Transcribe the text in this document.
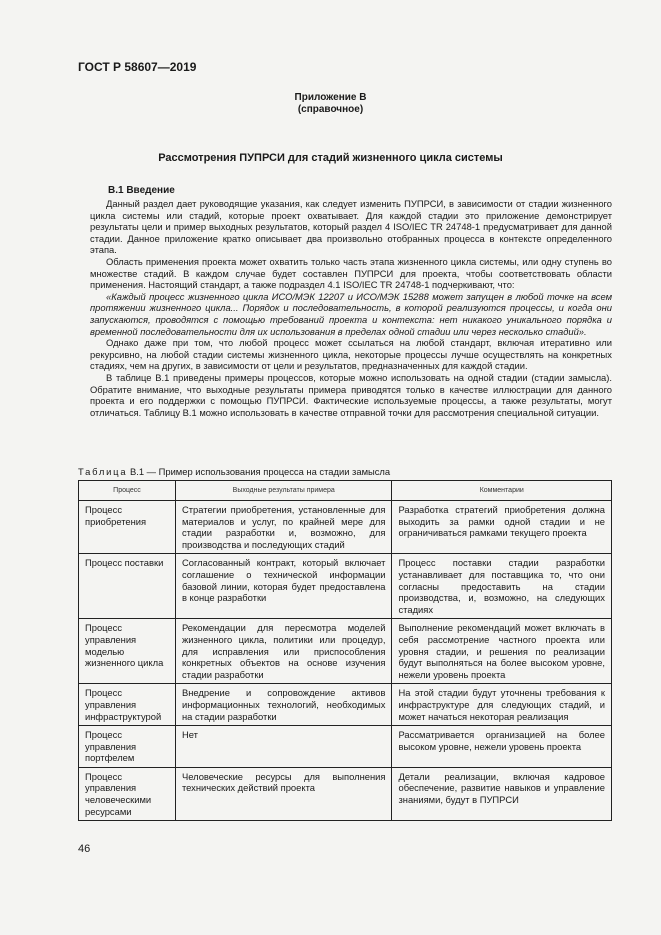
ГОСТ Р 58607—2019
Приложение В
(справочное)
Рассмотрения ПУПРСИ для стадий жизненного цикла системы
В.1 Введение

Данный раздел дает руководящие указания, как следует изменить ПУПРСИ, в зависимости от стадии жизненного цикла системы или стадий, которые проект охватывает. Для каждой стадии это приложение демонстрирует результаты цели и пример выходных результатов, который раздел 4 ISO/IEC TR 24748-1 предусматривает для данной стадии. Данное приложение кратко описывает два произвольно отобранных процесса в контексте определенного этапа.

Область применения проекта может охватить только часть этапа жизненного цикла системы, или одну ступень во множестве стадий. В каждом случае будет составлен ПУПРСИ для проекта, чтобы соответствовать области применения. Настоящий стандарт, а также подраздел 4.1 ISO/IEC TR 24748-1 подчеркивают, что:

«Каждый процесс жизненного цикла ИСО/МЭК 12207 и ИСО/МЭК 15288 может запущен в любой точке на всем протяжении жизненного цикла... Порядок и последовательность, в которой реализуются процессы, и когда они запускаются, проводятся с помощью требований проекта и контекста: нет никакого уникального порядка и временной последовательности для их использования в пределах одной стадии или через несколько стадий».

Однако даже при том, что любой процесс может ссылаться на любой стандарт, включая итеративно или рекурсивно, на любой стадии системы жизненного цикла, некоторые процессы лучше осуществлять на конкретных стадиях, чем на других, в зависимости от цели и результатов, предназначенных для каждой стадии.

В таблице В.1 приведены примеры процессов, которые можно использовать на одной стадии (стадии замысла). Обратите внимание, что выходные результаты примера приводятся только в качестве иллюстрации для данного проекта и его поддержки с помощью ПУПРСИ. Фактические используемые процессы, а также результаты, могут отличаться. Таблицу В.1 можно использовать в качестве отправной точки для рассмотрения специальной ситуации.

Таблица В.1 — Пример использования процесса на стадии замысла
Процесс	Выходные результаты примера	Комментарии
Процесс приобретения	Стратегии приобретения, установленные для материалов и услуг, по крайней мере для стадии разработки и, возможно, для производства и последующих стадий	Разработка стратегий приобретения должна выходить за рамки одной стадии и не ограничиваться рамками текущего проекта
Процесс поставки	Согласованный контракт, который включает соглашение о технической информации базовой линии, которая будет предоставлена в конце разработки	Процесс поставки стадии разработки устанавливает для поставщика то, что они согласны предоставить на стадии производства, и, возможно, на следующих стадиях
Процесс управления моделью жизненного цикла	Рекомендации для пересмотра моделей жизненного цикла, политики или процедур, для исправления или приспособления конкретных объектов на основе изучения стадии разработки	Выполнение рекомендаций может включать в себя рассмотрение частного проекта или уровня стадии, и решения по реализации будут выполняться на более высоком уровне, нежели уровень проекта
Процесс управления инфраструктурой	Внедрение и сопровождение активов информационных технологий, необходимых на стадии разработки	На этой стадии будут уточнены требования к инфраструктуре для следующих стадий, и может начаться некоторая реализация
Процесс управления портфелем	Нет	Рассматривается организацией на более высоком уровне, нежели уровень проекта
Процесс управления человеческими ресурсами	Человеческие ресурсы для выполнения технических действий проекта	Детали реализации, включая кадровое обеспечение, развитие навыков и управление знаниями, будут в ПУПРСИ
46
